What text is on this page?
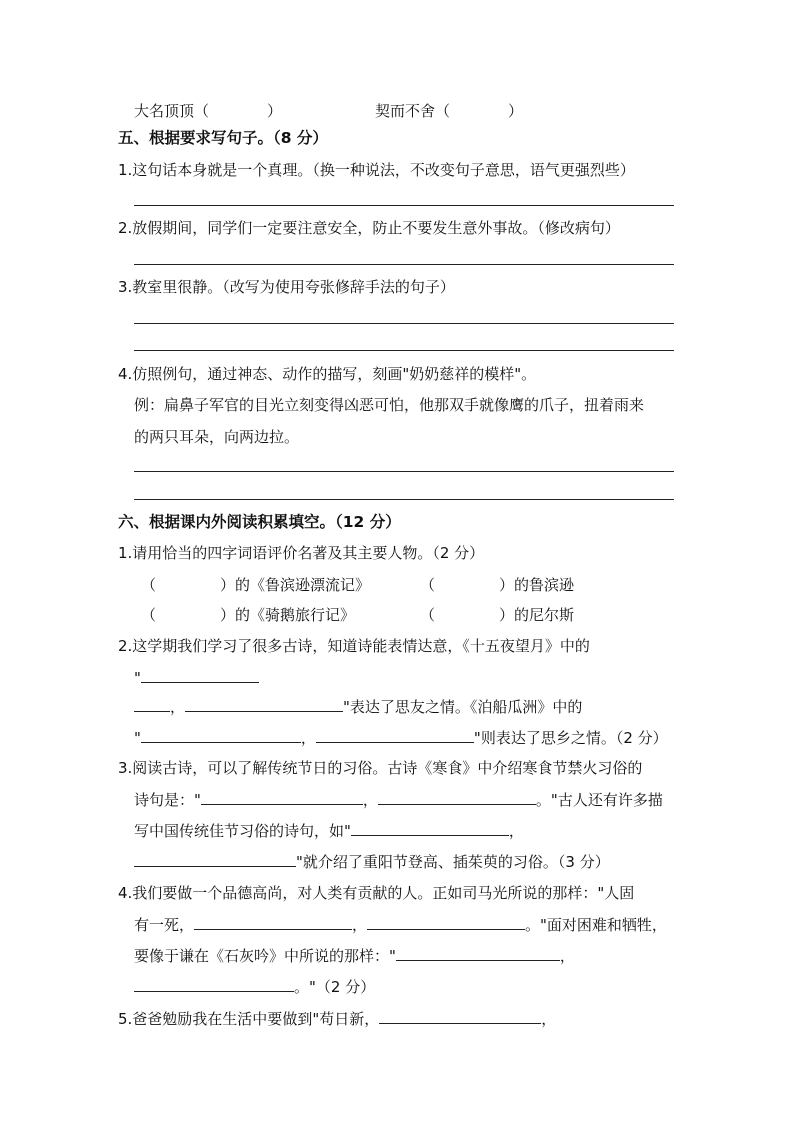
大名顶顶（	）	契而不舍（	）
五、根据要求写句子。（8 分）
1.这句话本身就是一个真理。（换一种说法，不改变句子意思，语气更强烈些）
2.放假期间，同学们一定要注意安全，防止不要发生意外事故。（修改病句）
3.教室里很静。（改写为使用夸张修辞手法的句子）
4.仿照例句，通过神态、动作的描写，刻画"奶奶慈祥的模样"。
例：扁鼻子军官的目光立刻变得凶恶可怕，他那双手就像鹰的爪子，扭着雨来
的两只耳朵，向两边拉。
六、根据课内外阅读积累填空。（12 分）
1.请用恰当的四字词语评价名著及其主要人物。（2 分）
（	）的《鲁滨逊漂流记》	（	）的鲁滨逊
（	）的《骑鹅旅行记》	（	）的尼尔斯
2.这学期我们学习了很多古诗，知道诗能表情达意，《十五夜望月》中的
"
，	"表达了思友之情。《泊船瓜洲》中的
"	，	"则表达了思乡之情。（2 分）
3.阅读古诗，可以了解传统节日的习俗。古诗《寒食》中介绍寒食节禁火习俗的
诗句是："	，	。"古人还有许多描
写中国传统佳节习俗的诗句，如"	，
"就介绍了重阳节登高、插茱萸的习俗。（3 分）
4.我们要做一个品德高尚，对人类有贡献的人。正如司马光所说的那样："人固
有一死，	，	。"面对困难和牺牲，
要像于谦在《石灰吟》中所说的那样："	，
。"（2 分）
5.爸爸勉励我在生活中要做到"苟日新，	，
